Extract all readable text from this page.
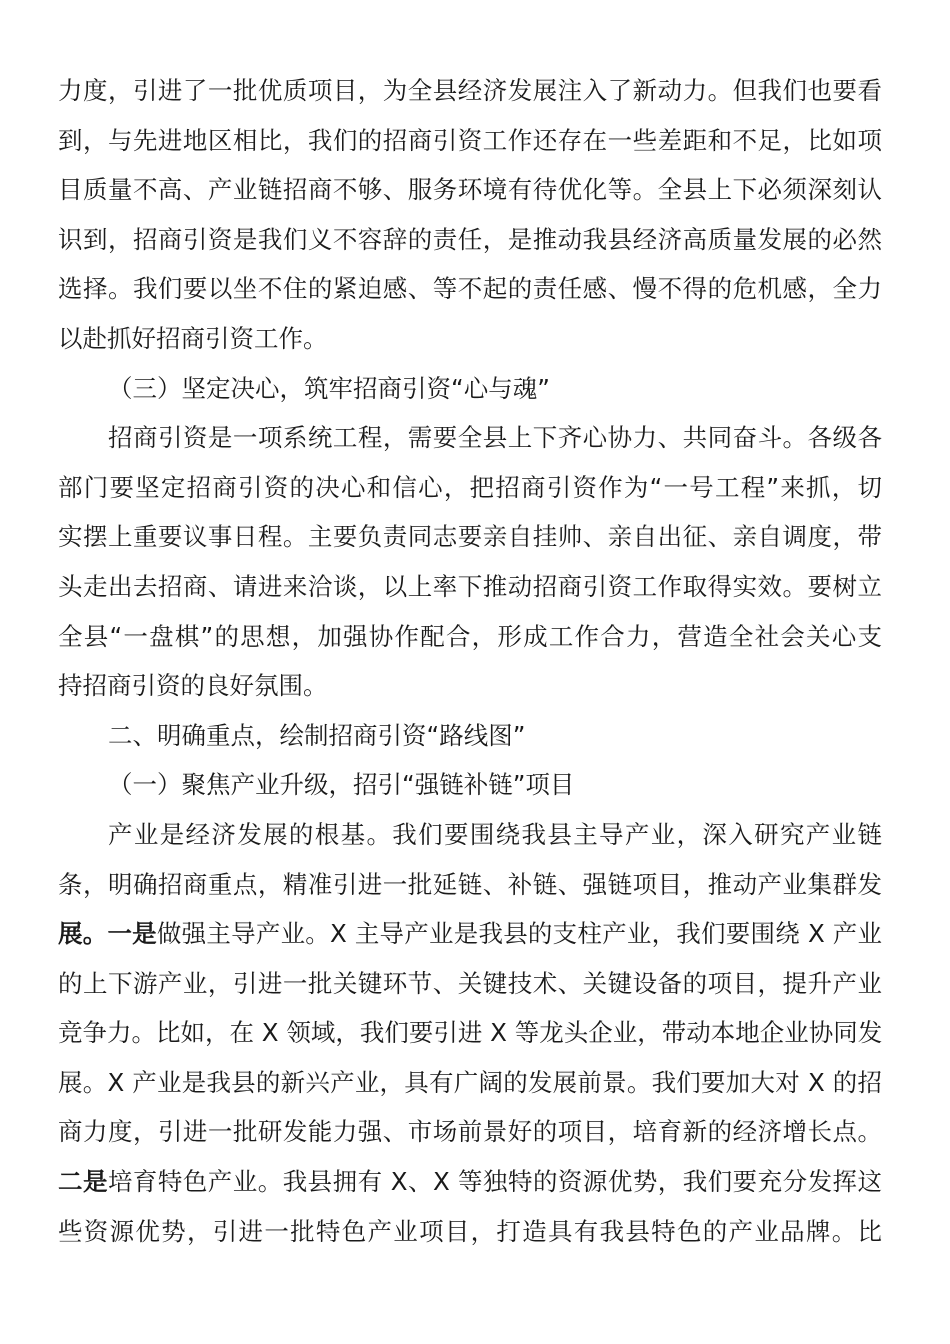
力度，引进了一批优质项目，为全县经济发展注入了新动力。但我们也要看
到，与先进地区相比，我们的招商引资工作还存在一些差距和不足，比如项
目质量不高、产业链招商不够、服务环境有待优化等。全县上下必须深刻认
识到，招商引资是我们义不容辞的责任，是推动我县经济高质量发展的必然
选择。我们要以坐不住的紧迫感、等不起的责任感、慢不得的危机感，全力
以赴抓好招商引资工作。
（三）坚定决心，筑牢招商引资“心与魂”
招商引资是一项系统工程，需要全县上下齐心协力、共同奋斗。各级各
部门要坚定招商引资的决心和信心，把招商引资作为“一号工程”来抓，切
实摆上重要议事日程。主要负责同志要亲自挂帅、亲自出征、亲自调度，带
头走出去招商、请进来洽谈，以上率下推动招商引资工作取得实效。要树立
全县“一盘棋”的思想，加强协作配合，形成工作合力，营造全社会关心支
持招商引资的良好氛围。
二、明确重点，绘制招商引资“路线图”
（一）聚焦产业升级，招引“强链补链”项目
产业是经济发展的根基。我们要围绕我县主导产业，深入研究产业链
条，明确招商重点，精准引进一批延链、补链、强链项目，推动产业集群发
展。一是做强主导产业。X 主导产业是我县的支柱产业，我们要围绕 X 产业
的上下游产业，引进一批关键环节、关键技术、关键设备的项目，提升产业
竞争力。比如，在 X 领域，我们要引进 X 等龙头企业，带动本地企业协同发
展。X 产业是我县的新兴产业，具有广阔的发展前景。我们要加大对 X 的招
商力度，引进一批研发能力强、市场前景好的项目，培育新的经济增长点。
二是培育特色产业。我县拥有 X、X 等独特的资源优势，我们要充分发挥这
些资源优势，引进一批特色产业项目，打造具有我县特色的产业品牌。比
